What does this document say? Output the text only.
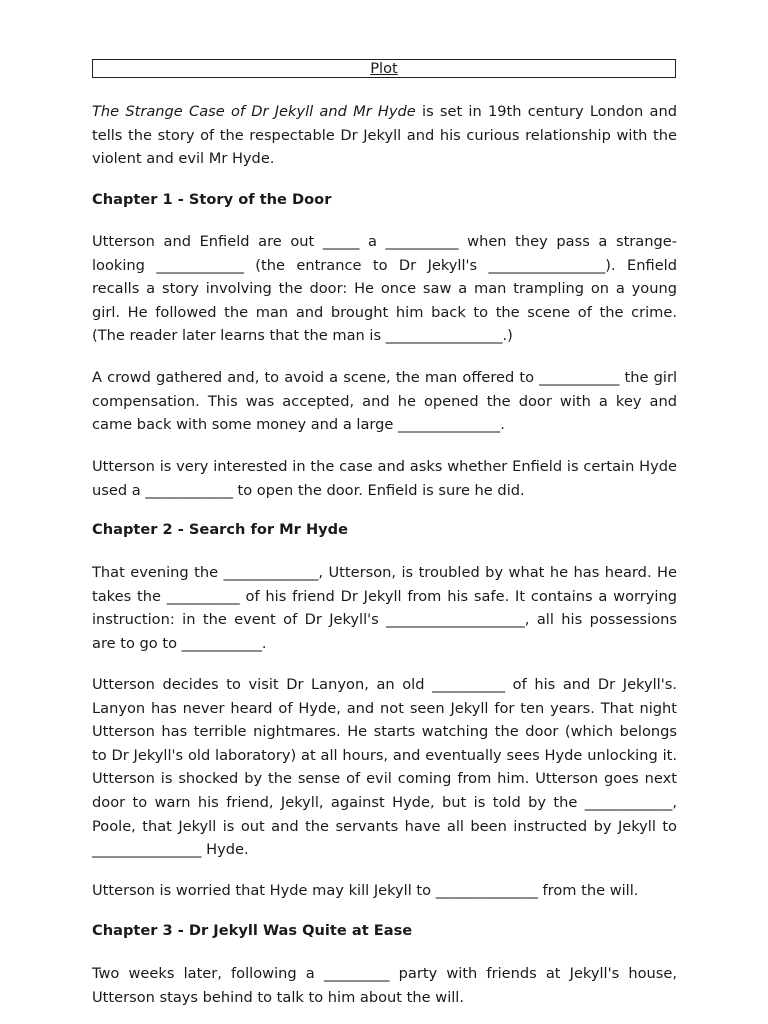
Plot

The Strange Case of Dr Jekyll and Mr Hyde is set in 19th century London and tells the story of the respectable Dr Jekyll and his curious relationship with the violent and evil Mr Hyde.

Chapter 1 - Story of the Door

Utterson and Enfield are out _____ a __________ when they pass a strange-
looking ____________ (the entrance to Dr Jekyll's ________________). Enfield
recalls a story involving the door: He once saw a man trampling on a young
girl. He followed the man and brought him back to the scene of the crime.
(The reader later learns that the man is ________________.)

A crowd gathered and, to avoid a scene, the man offered to ___________ the girl compensation. This was accepted, and he opened the door with a key and came back with some money and a large ______________.

Utterson is very interested in the case and asks whether Enfield is certain Hyde used a ____________ to open the door. Enfield is sure he did.

Chapter 2 - Search for Mr Hyde

That evening the _____________, Utterson, is troubled by what he has heard. He takes the __________ of his friend Dr Jekyll from his safe. It contains a worrying instruction: in the event of Dr Jekyll's ___________________, all his possessions are to go to ___________.

Utterson decides to visit Dr Lanyon, an old __________ of his and Dr Jekyll's. Lanyon has never heard of Hyde, and not seen Jekyll for ten years. That night Utterson has terrible nightmares. He starts watching the door (which belongs to Dr Jekyll's old laboratory) at all hours, and eventually sees Hyde unlocking it. Utterson is shocked by the sense of evil coming from him. Utterson goes next door to warn his friend, Jekyll, against Hyde, but is told by the ____________, Poole, that Jekyll is out and the servants have all been instructed by Jekyll to _______________ Hyde.

Utterson is worried that Hyde may kill Jekyll to ______________ from the will.

Chapter 3 - Dr Jekyll Was Quite at Ease

Two weeks later, following a _________ party with friends at Jekyll's house, Utterson stays behind to talk to him about the will.
